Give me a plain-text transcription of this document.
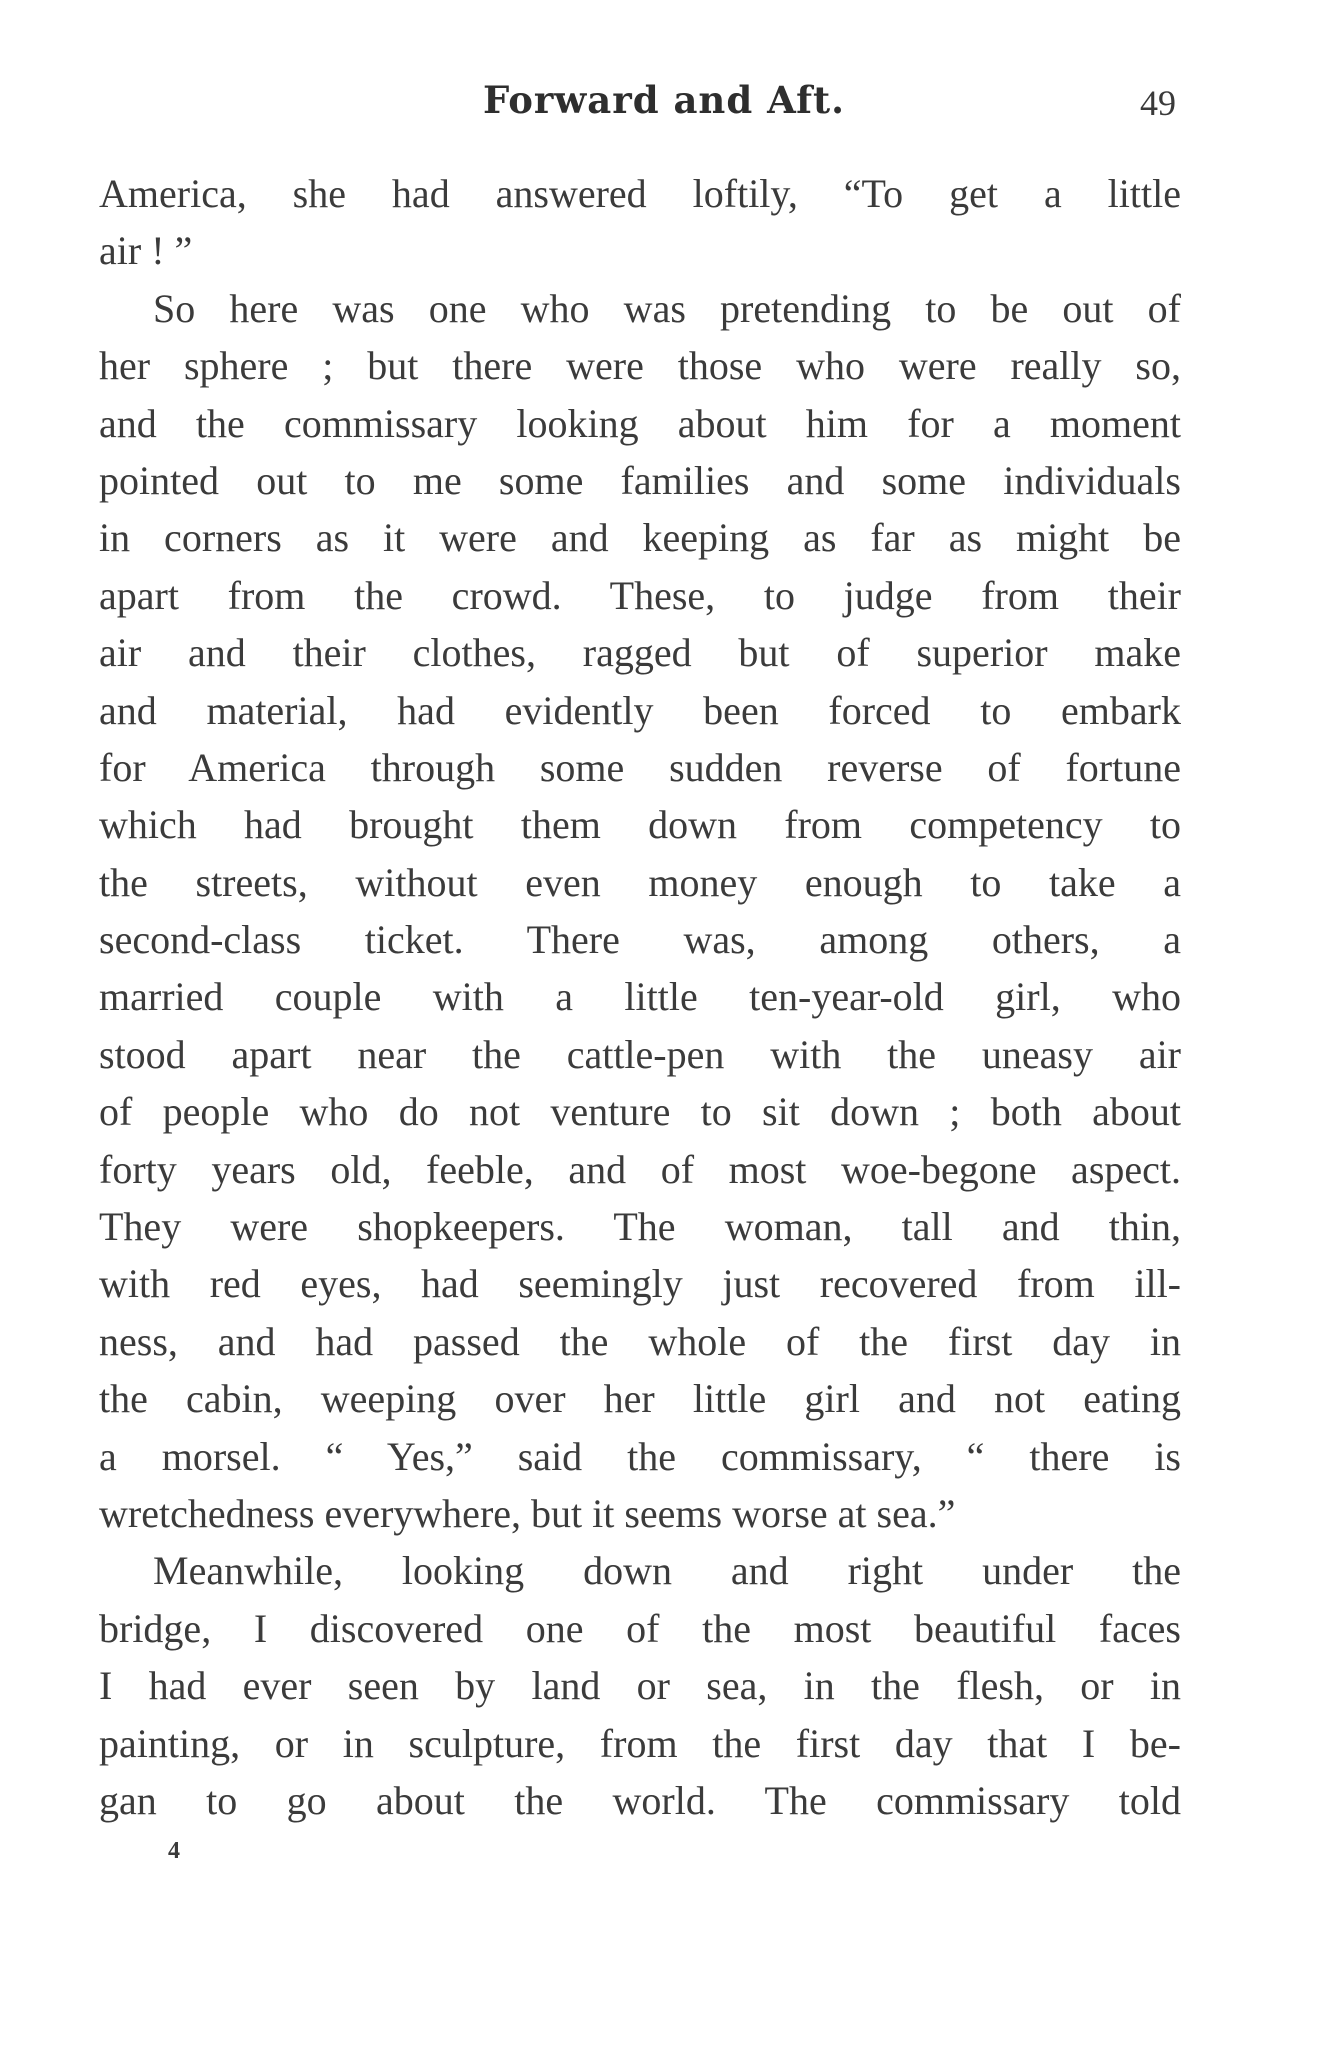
Forward and Aft.	49
America, she had answered loftily, “To get a little
air ! ”
So here was one who was pretending to be out of
her sphere ; but there were those who were really so,
and the commissary looking about him for a moment
pointed out to me some families and some individuals
in corners as it were and keeping as far as might be
apart from the crowd. These, to judge from their
air and their clothes, ragged but of superior make
and material, had evidently been forced to embark
for America through some sudden reverse of fortune
which had brought them down from competency to
the streets, without even money enough to take a
second-class ticket. There was, among others, a
married couple with a little ten-year-old girl, who
stood apart near the cattle-pen with the uneasy air
of people who do not venture to sit down ; both about
forty years old, feeble, and of most woe-begone aspect.
They were shopkeepers. The woman, tall and thin,
with red eyes, had seemingly just recovered from ill-
ness, and had passed the whole of the first day in
the cabin, weeping over her little girl and not eating
a morsel. “ Yes,” said the commissary, “ there is
wretchedness everywhere, but it seems worse at sea.”
Meanwhile, looking down and right under the
bridge, I discovered one of the most beautiful faces
I had ever seen by land or sea, in the flesh, or in
painting, or in sculpture, from the first day that I be-
gan to go about the world. The commissary told
4
